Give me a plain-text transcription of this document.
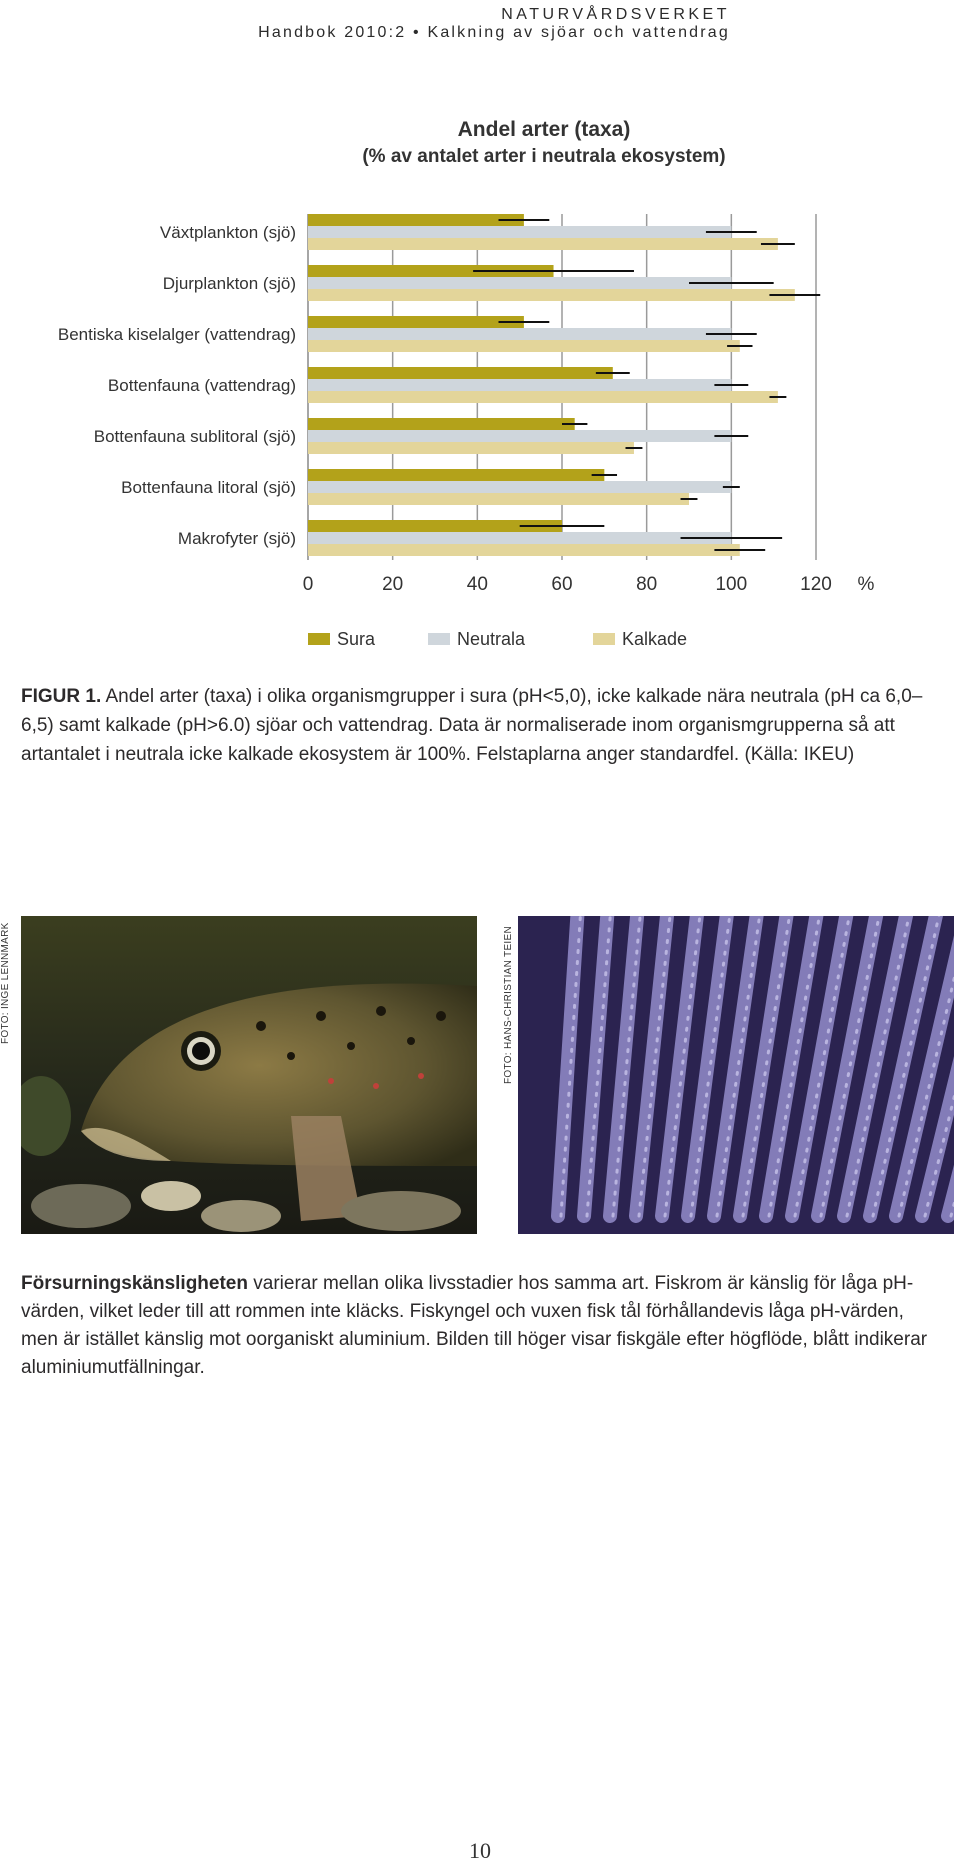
NATURVÅRDSVERKET
Handbok 2010:2 • Kalkning av sjöar och vattendrag
Andel arter (taxa)
(% av antalet arter i neutrala ekosystem)
Växtplankton (sjö)
Djurplankton (sjö)
Bentiska kiselalger (vattendrag)
Bottenfauna (vattendrag)
Bottenfauna sublitoral (sjö)
Bottenfauna litoral (sjö)
Makrofyter (sjö)
0	20	40	60	80	100	120 %
Sura	Neutrala	Kalkade

FIGUR 1. Andel arter (taxa) i olika organismgrupper i sura (pH<5,0), icke kalkade nära neutrala (pH ca 6,0–6,5) samt kalkade (pH>6.0) sjöar och vattendrag. Data är normaliserade inom organismgrupperna så att artantalet i neutrala icke kalkade ekosystem är 100%. Felstaplarna anger standardfel. (Källa: IKEU)

FOTO: INGE LENNMARK	FOTO: HANS-CHRISTIAN TEIEN

Försurningskänsligheten varierar mellan olika livsstadier hos samma art. Fiskrom är känslig för låga pH-värden, vilket leder till att rommen inte kläcks. Fiskyngel och vuxen fisk tål förhållandevis låga pH-värden, men är istället känslig mot oorganiskt aluminium. Bilden till höger visar fiskgäle efter högflöde, blått indikerar aluminiumutfällningar.

10
